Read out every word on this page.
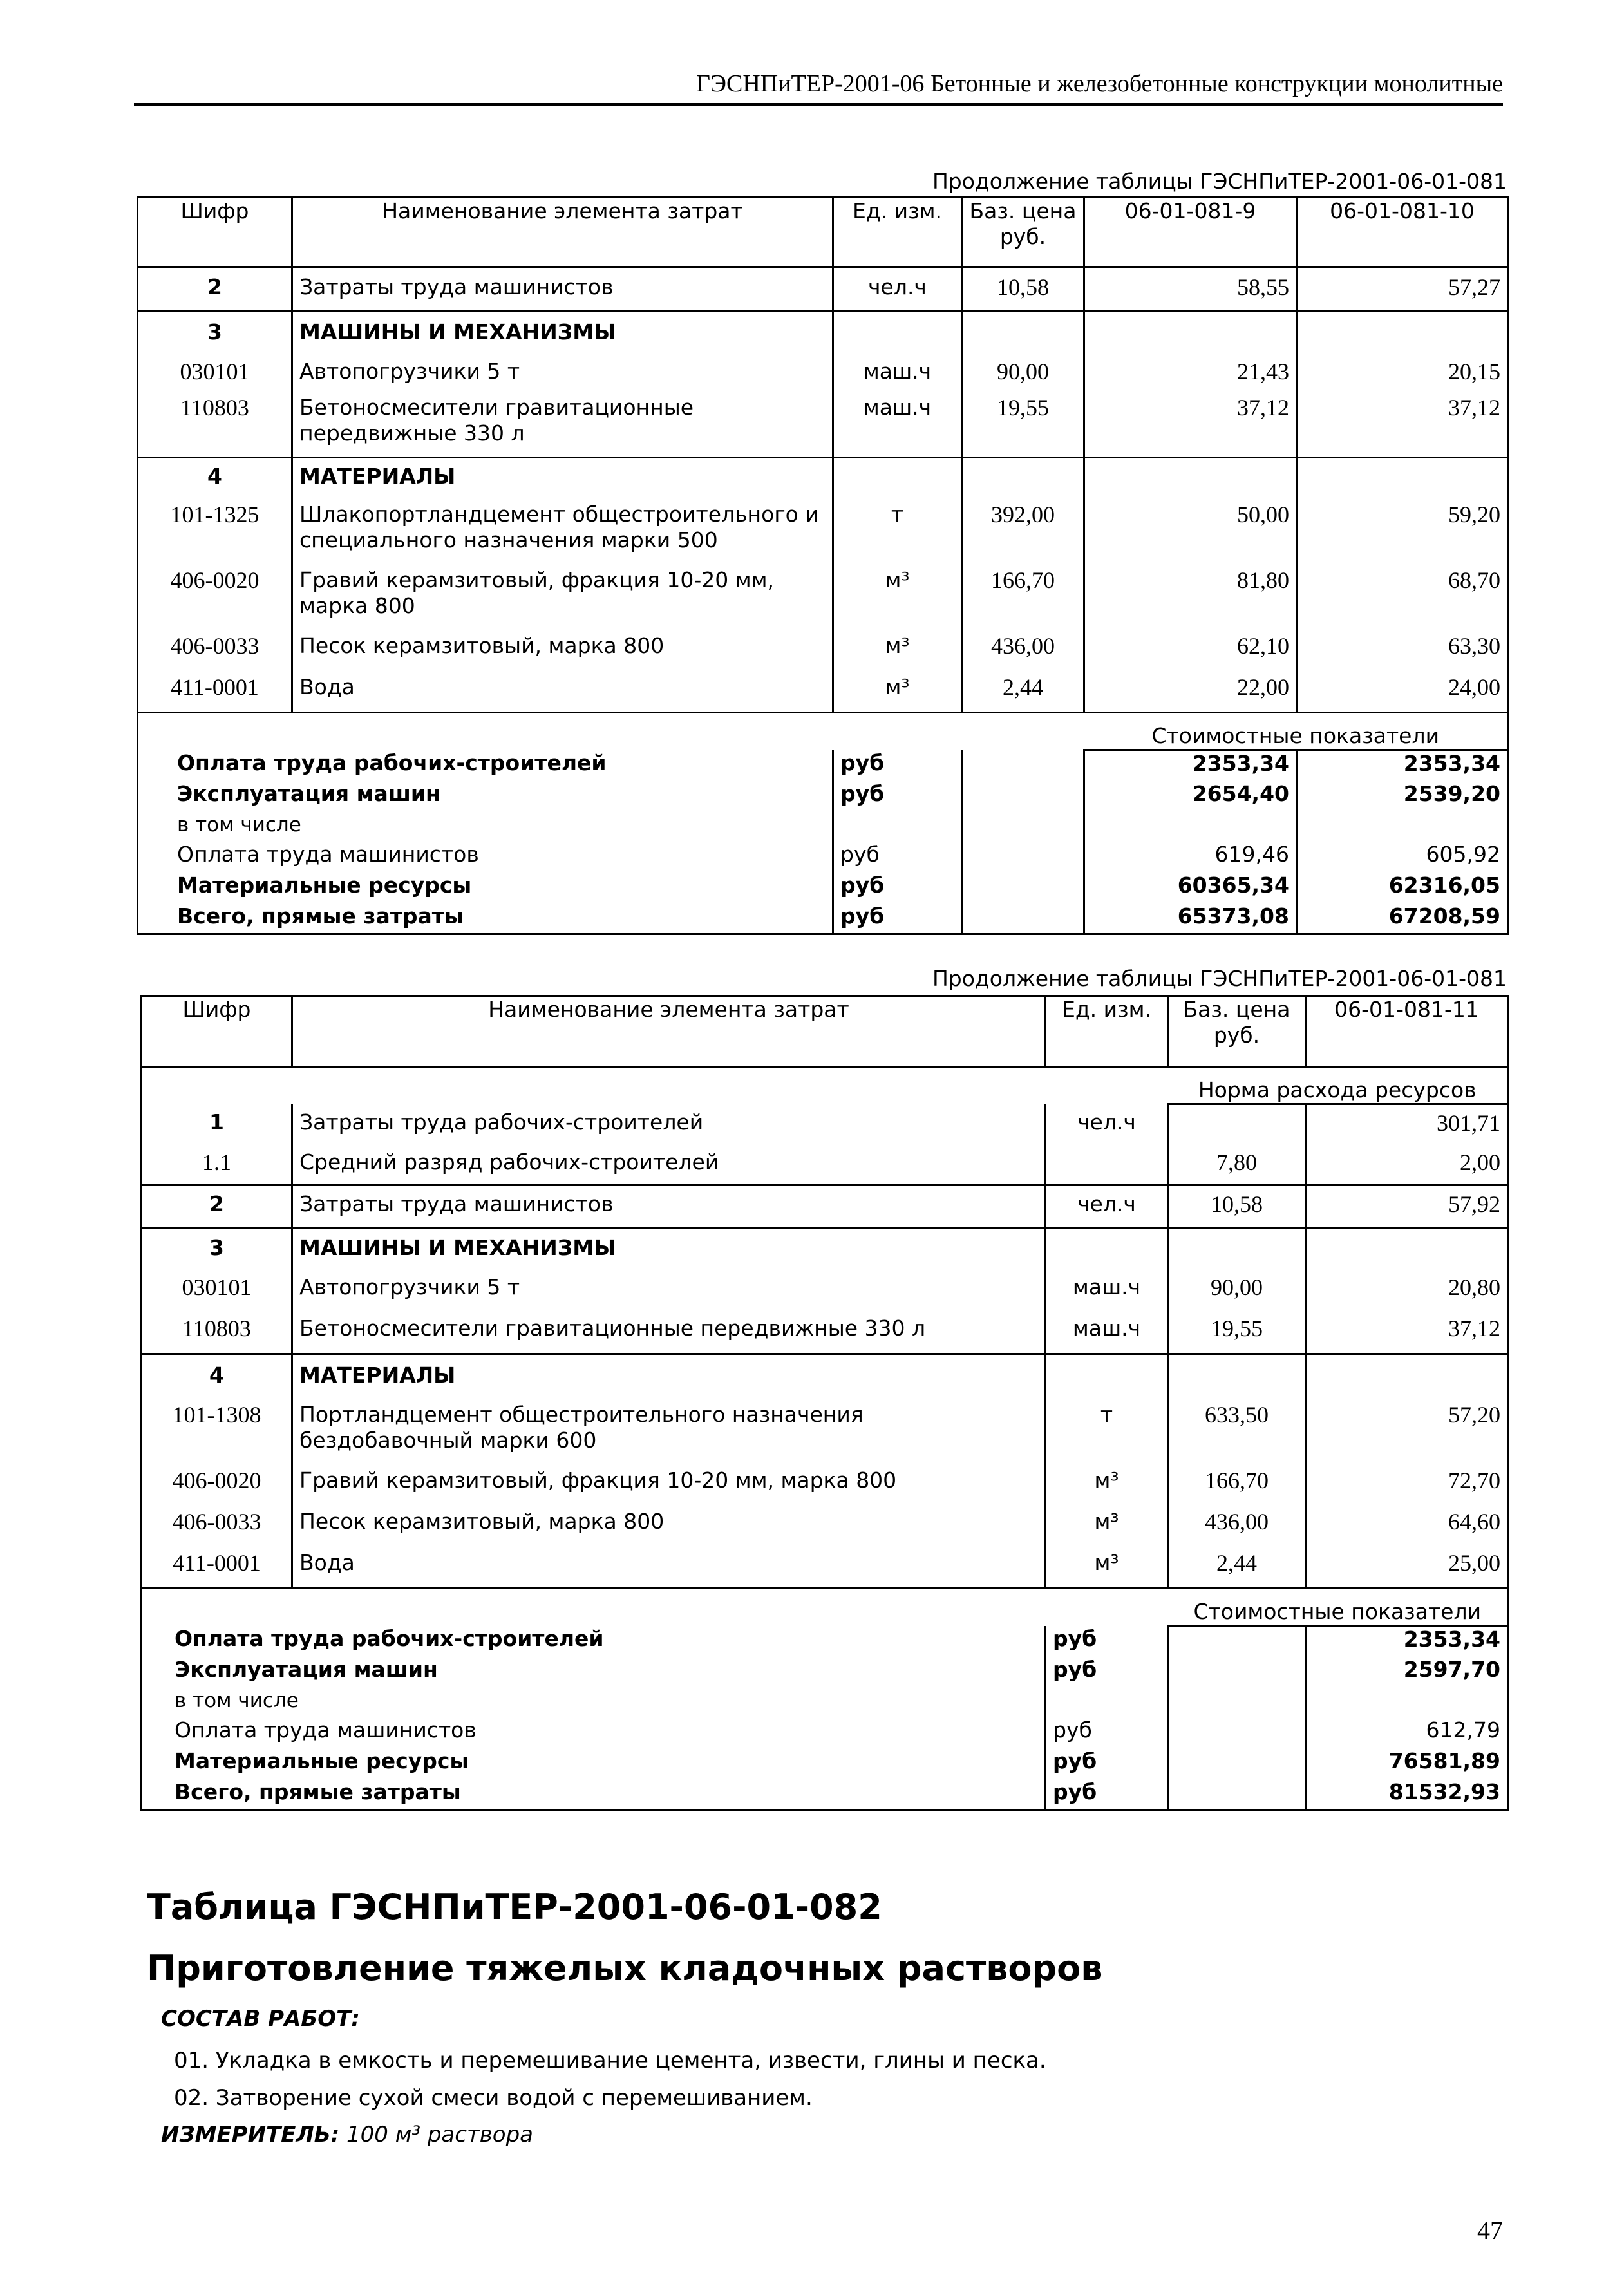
ГЭСНПиТЕР-2001-06 Бетонные и железобетонные конструкции монолитные
Продолжение таблицы ГЭСНПиТЕР-2001-06-01-081
Шифр	Наименование элемента затрат	Ед. изм.	Баз. цена руб.	06-01-081-9	06-01-081-10
2	Затраты труда машинистов	чел.ч	10,58	58,55	57,27
3	МАШИНЫ И МЕХАНИЗМЫ				
030101	Автопогрузчики 5 т	маш.ч	90,00	21,43	20,15
110803	Бетоносмесители гравитационные передвижные 330 л	маш.ч	19,55	37,12	37,12
4	МАТЕРИАЛЫ				
101-1325	Шлакопортландцемент общестроительного и специального назначения марки 500	т	392,00	50,00	59,20
406-0020	Гравий керамзитовый, фракция 10-20 мм, марка 800	м³	166,70	81,80	68,70
406-0033	Песок керамзитовый, марка 800	м³	436,00	62,10	63,30
411-0001	Вода	м³	2,44	22,00	24,00
				Стоимостные показатели	
Оплата труда рабочих-строителей		руб		2353,34	2353,34
Эксплуатация машин		руб		2654,40	2539,20
в том числе					
Оплата труда машинистов		руб		619,46	605,92
Материальные ресурсы		руб		60365,34	62316,05
Всего, прямые затраты		руб		65373,08	67208,59
Продолжение таблицы ГЭСНПиТЕР-2001-06-01-081
Шифр	Наименование элемента затрат	Ед. изм.	Баз. цена руб.	06-01-081-11
			Норма расхода ресурсов	
1	Затраты труда рабочих-строителей	чел.ч		301,71
1.1	Средний разряд рабочих-строителей		7,80	2,00
2	Затраты труда машинистов	чел.ч	10,58	57,92
3	МАШИНЫ И МЕХАНИЗМЫ			
030101	Автопогрузчики 5 т	маш.ч	90,00	20,80
110803	Бетоносмесители гравитационные передвижные 330 л	маш.ч	19,55	37,12
4	МАТЕРИАЛЫ			
101-1308	Портландцемент общестроительного назначения бездобавочный марки 600	т	633,50	57,20
406-0020	Гравий керамзитовый, фракция 10-20 мм, марка 800	м³	166,70	72,70
406-0033	Песок керамзитовый, марка 800	м³	436,00	64,60
411-0001	Вода	м³	2,44	25,00
			Стоимостные показатели	
Оплата труда рабочих-строителей		руб		2353,34
Эксплуатация машин		руб		2597,70
в том числе				
Оплата труда машинистов		руб		612,79
Материальные ресурсы		руб		76581,89
Всего, прямые затраты		руб		81532,93
Таблица ГЭСНПиТЕР-2001-06-01-082
Приготовление тяжелых кладочных растворов
СОСТАВ РАБОТ:
01. Укладка в емкость и перемешивание цемента, извести, глины и песка.
02. Затворение сухой смеси водой с перемешиванием.
ИЗМЕРИТЕЛЬ: 100 м³ раствора
47
